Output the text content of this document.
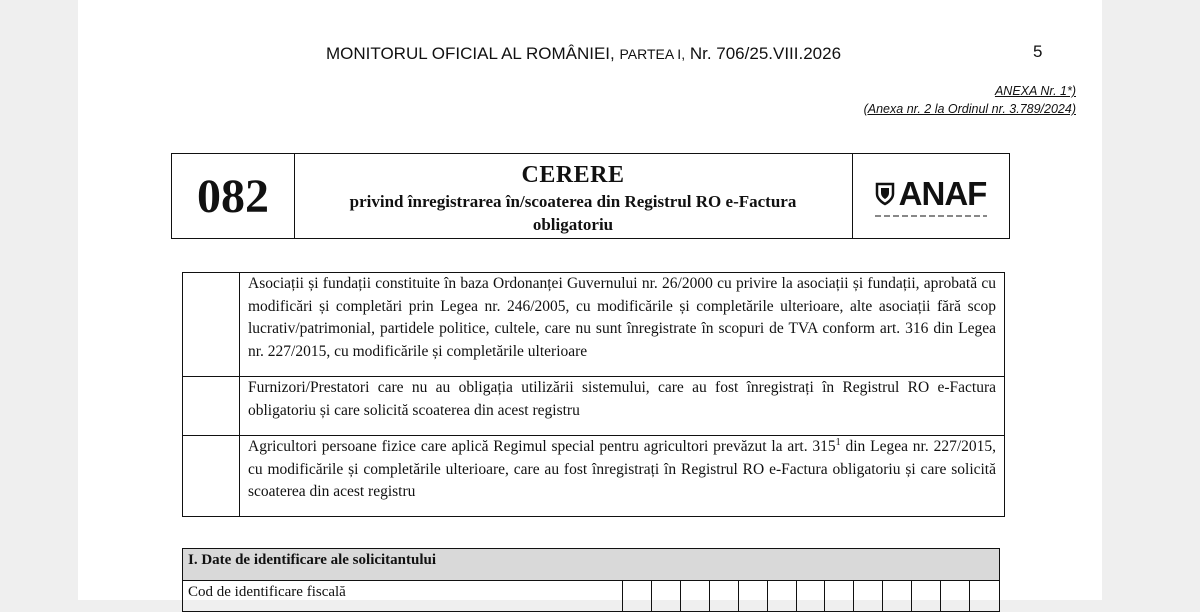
MONITORUL OFICIAL AL ROMÂNIEI, PARTEA I, Nr. 706/25.VIII.2026	5
ANEXA Nr. 1*)
(Anexa nr. 2 la Ordinul nr. 3.789/2024)
082	CERERE
privind înregistrarea în/scoaterea din Registrul RO e-Factura
obligatoriu
ANAF
Asociații și fundații constituite în baza Ordonanței Guvernului nr. 26/2000 cu privire la asociații și fundații, aprobată cu modificări și completări prin Legea nr. 246/2005, cu modificările și completările ulterioare, alte asociații fără scop lucrativ/patrimonial, partidele politice, cultele, care nu sunt înregistrate în scopuri de TVA conform art. 316 din Legea nr. 227/2015, cu modificările și completările ulterioare
Furnizori/Prestatori care nu au obligația utilizării sistemului, care au fost înregistrați în Registrul RO e-Factura obligatoriu și care solicită scoaterea din acest registru
Agricultori persoane fizice care aplică Regimul special pentru agricultori prevăzut la art. $315^1$ din Legea nr. 227/2015, cu modificările și completările ulterioare, care au fost înregistrați în Registrul RO e-Factura obligatoriu și care solicită scoaterea din acest registru
I. Date de identificare ale solicitantului
Cod de identificare fiscală
